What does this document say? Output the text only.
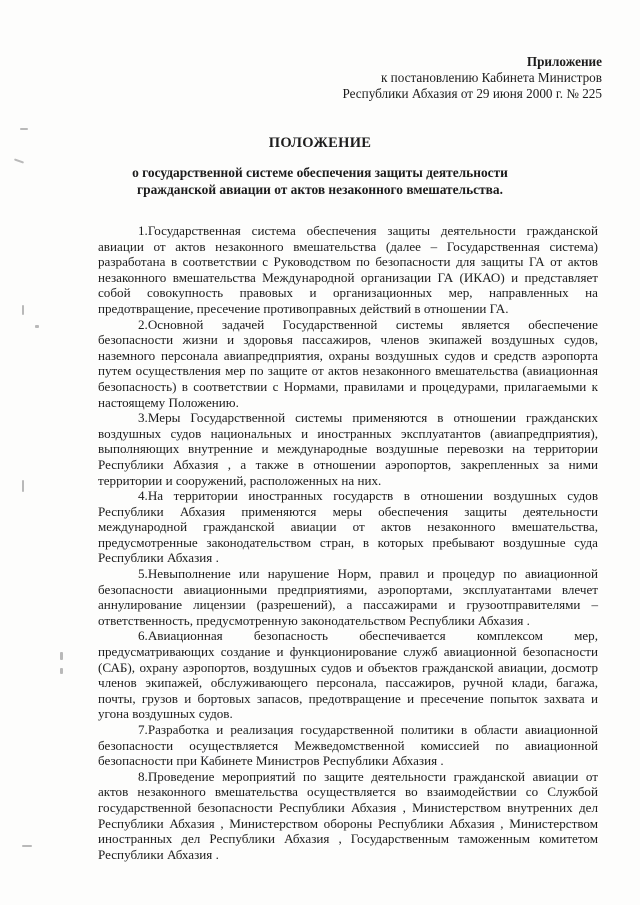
Приложение
к постановлению Кабинета Министров
Республики Абхазия от 29 июня 2000 г. № 225
ПОЛОЖЕНИЕ
о государственной системе обеспечения защиты деятельности
гражданской авиации от актов незаконного вмешательства.

1.Государственная система обеспечения защиты деятельности гражданской авиации от актов незаконного вмешательства (далее – Государственная система) разработана в соответствии с Руководством по безопасности для защиты ГА от актов незаконного вмешательства Международной организации ГА (ИКАО) и представляет собой совокупность правовых и организационных мер, направленных на предотвращение, пресечение противоправных действий в отношении ГА.

2.Основной задачей Государственной системы является обеспечение безопасности жизни и здоровья пассажиров, членов экипажей воздушных судов, наземного персонала авиапредприятия, охраны воздушных судов и средств аэропорта путем осуществления мер по защите от актов незаконного вмешательства (авиационная безопасность) в соответствии с Нормами, правилами и процедурами, прилагаемыми к настоящему Положению.

3.Меры Государственной системы применяются в отношении гражданских воздушных судов национальных и иностранных эксплуатантов (авиапредприятия), выполняющих внутренние и международные воздушные перевозки на территории Республики Абхазия , а также в отношении аэропортов, закрепленных за ними территории и сооружений, расположенных на них.

4.На территории иностранных государств в отношении воздушных судов Республики Абхазия применяются меры обеспечения защиты деятельности международной гражданской авиации от актов незаконного вмешательства, предусмотренные законодательством стран, в которых пребывают воздушные суда Республики Абхазия .

5.Невыполнение или нарушение Норм, правил и процедур по авиационной безопасности авиационными предприятиями, аэропортами, эксплуатантами влечет аннулирование лицензии (разрешений), а пассажирами и грузоотправителями – ответственность, предусмотренную законодательством Республики Абхазия .

6.Авиационная безопасность обеспечивается комплексом мер, предусматривающих создание и функционирование служб авиационной безопасности (САБ), охрану аэропортов, воздушных судов и объектов гражданской авиации, досмотр членов экипажей, обслуживающего персонала, пассажиров, ручной клади, багажа, почты, грузов и бортовых запасов, предотвращение и пресечение попыток захвата и угона воздушных судов.

7.Разработка и реализация государственной политики в области авиационной безопасности осуществляется Межведомственной комиссией по авиационной безопасности при Кабинете Министров Республики Абхазия .

8.Проведение мероприятий по защите деятельности гражданской авиации от актов незаконного вмешательства осуществляется во взаимодействии со Службой государственной безопасности Республики Абхазия , Министерством внутренних дел Республики Абхазия , Министерством обороны Республики Абхазия , Министерством иностранных дел Республики Абхазия , Государственным таможенным комитетом Республики Абхазия .
